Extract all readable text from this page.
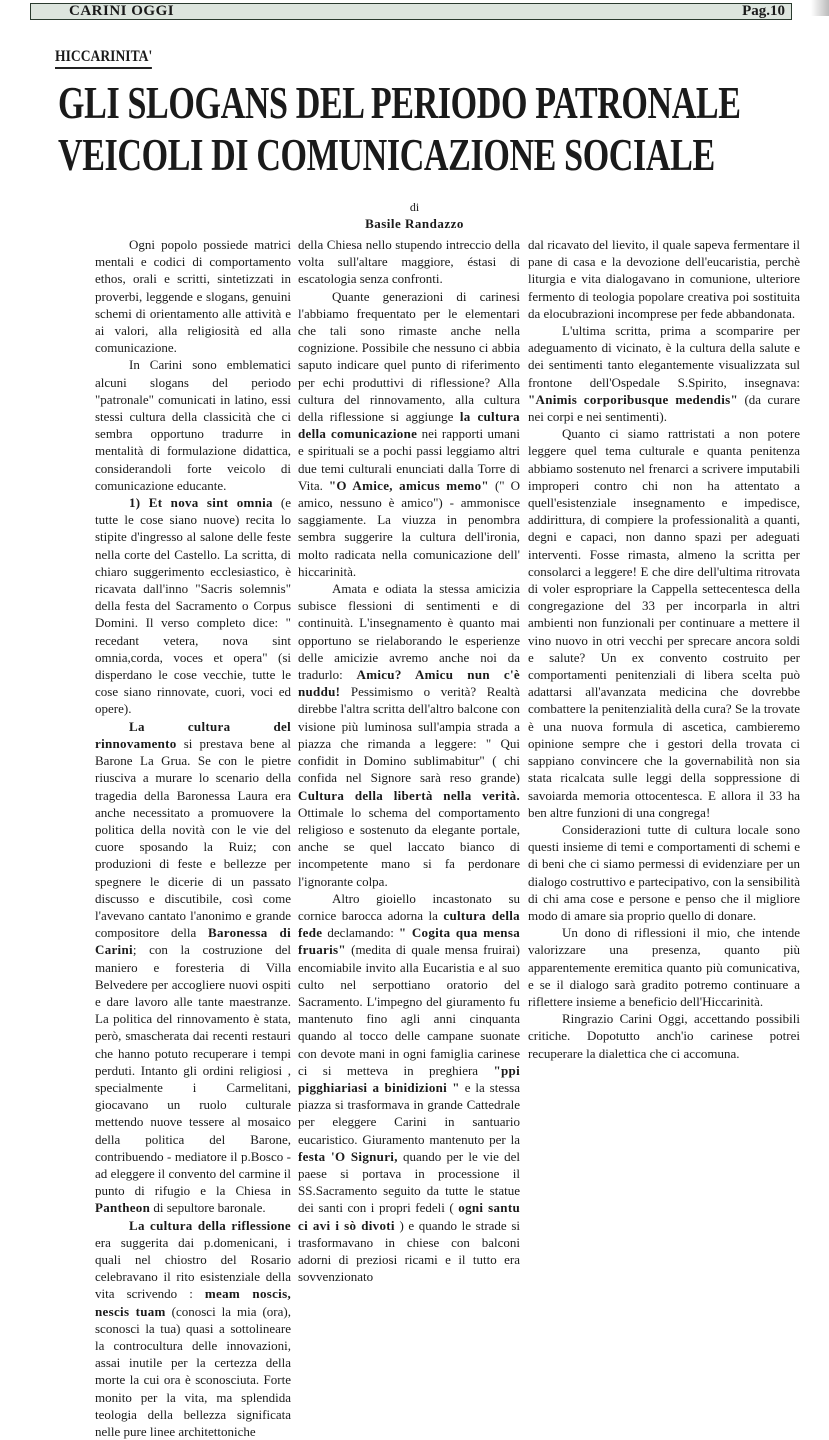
CARINI OGGI	Pag.10
HICCARINITA'
GLI SLOGANS DEL PERIODO PATRONALE
VEICOLI DI COMUNICAZIONE SOCIALE
di
Basile Randazzo

Ogni popolo possiede matrici mentali e codici di comportamento ethos, orali e scritti, sintetizzati in proverbi, leggende e slogans, genuini schemi di orientamento alle attività e ai valori, alla religiosità ed alla comunicazione.

In Carini sono emblematici alcuni slogans del periodo "patronale" comunicati in latino, essi stessi cultura della classicità che ci sembra opportuno tradurre in mentalità di formulazione didattica, considerandoli forte veicolo di comunicazione educante.

1) Et nova sint omnia (e tutte le cose siano nuove) recita lo stipite d'ingresso al salone delle feste nella corte del Castello. La scritta, di chiaro suggerimento ecclesiastico, è ricavata dall'inno "Sacris solemnis" della festa del Sacramento o Corpus Domini. Il verso completo dice: " recedant vetera, nova sint omnia,corda, voces et opera" (si disperdano le cose vecchie, tutte le cose siano rinnovate, cuori, voci ed opere).

La cultura del rinnovamento si prestava bene al Barone La Grua. Se con le pietre riusciva a murare lo scenario della tragedia della Baronessa Laura era anche necessitato a promuovere la politica della novità con le vie del cuore sposando la Ruiz; con produzioni di feste e bellezze per spegnere le dicerie di un passato discusso e discutibile, così come l'avevano cantato l'anonimo e grande compositore della Baronessa di Carini; con la costruzione del maniero e foresteria di Villa Belvedere per accogliere nuovi ospiti e dare lavoro alle tante maestranze. La politica del rinnovamento è stata, però, smascherata dai recenti restauri che hanno potuto recuperare i tempi perduti. Intanto gli ordini religiosi , specialmente i Carmelitani, giocavano un ruolo culturale mettendo nuove tessere al mosaico della politica del Barone, contribuendo - mediatore il p.Bosco - ad eleggere il convento del carmine il punto di rifugio e la Chiesa in Pantheon di sepultore baronale.

La cultura della riflessione era suggerita dai p.domenicani, i quali nel chiostro del Rosario celebravano il rito esistenziale della vita scrivendo : meam noscis, nescis tuam (conosci la mia (ora), sconosci la tua) quasi a sottolineare la controcultura delle innovazioni, assai inutile per la certezza della morte la cui ora è sconosciuta. Forte monito per la vita, ma splendida teologia della bellezza significata nelle pure linee architettoniche

della Chiesa nello stupendo intreccio della volta sull'altare maggiore, éstasi di escatologia senza confronti.

Quante generazioni di carinesi l'abbiamo frequentato per le elementari che tali sono rimaste anche nella cognizione. Possibile che nessuno ci abbia saputo indicare quel punto di riferimento per echi produttivi di riflessione? Alla cultura del rinnovamento, alla cultura della riflessione si aggiunge la cultura della comunicazione nei rapporti umani e spirituali se a pochi passi leggiamo altri due temi culturali enunciati dalla Torre di Vita. "O Amice, amicus memo" (" O amico, nessuno è amico") - ammonisce saggiamente. La viuzza in penombra sembra suggerire la cultura dell'ironia, molto radicata nella comunicazione dell' hiccarinità.

Amata e odiata la stessa amicizia subisce flessioni di sentimenti e di continuità. L'insegnamento è quanto mai opportuno se rielaborando le esperienze delle amicizie avremo anche noi da tradurlo: Amicu? Amicu nun c'è nuddu! Pessimismo o verità? Realtà direbbe l'altra scritta dell'altro balcone con visione più luminosa sull'ampia strada a piazza che rimanda a leggere: " Qui confidit in Domino sublimabitur" ( chi confida nel Signore sarà reso grande) Cultura della libertà nella verità. Ottimale lo schema del comportamento religioso e sostenuto da elegante portale, anche se quel laccato bianco di incompetente mano si fa perdonare l'ignorante colpa.

Altro gioiello incastonato su cornice barocca adorna la cultura della fede declamando: " Cogita qua mensa fruaris" (medita di quale mensa fruirai) encomiabile invito alla Eucaristia e al suo culto nel serpottiano oratorio del Sacramento. L'impegno del giuramento fu mantenuto fino agli anni cinquanta quando al tocco delle campane suonate con devote mani in ogni famiglia carinese ci si metteva in preghiera "ppi pigghiariasi a binidizioni " e la stessa piazza si trasformava in grande Cattedrale per eleggere Carini in santuario eucaristico. Giuramento mantenuto per la festa 'O Signuri, quando per le vie del paese si portava in processione il SS.Sacramento seguito da tutte le statue dei santi con i propri fedeli ( ogni santu ci avi i sò divoti ) e quando le strade si trasformavano in chiese con balconi adorni di preziosi ricami e il tutto era sovvenzionato

dal ricavato del lievito, il quale sapeva fermentare il pane di casa e la devozione dell'eucaristia, perchè liturgia e vita dialogavano in comunione, ulteriore fermento di teologia popolare creativa poi sostituita da elocubrazioni incomprese per fede abbandonata.

L'ultima scritta, prima a scomparire per adeguamento di vicinato, è la cultura della salute e dei sentimenti tanto elegantemente visualizzata sul frontone dell'Ospedale S.Spirito, insegnava: "Animis corporibusque medendis" (da curare nei corpi e nei sentimenti).

Quanto ci siamo rattristati a non potere leggere quel tema culturale e quanta penitenza abbiamo sostenuto nel frenarci a scrivere imputabili improperi contro chi non ha attentato a quell'esistenziale insegnamento e impedisce, addirittura, di compiere la professionalità a quanti, degni e capaci, non danno spazi per adeguati interventi. Fosse rimasta, almeno la scritta per consolarci a leggere! E che dire dell'ultima ritrovata di voler espropriare la Cappella settecentesca della congregazione del 33 per incorparla in altri ambienti non funzionali per continuare a mettere il vino nuovo in otri vecchi per sprecare ancora soldi e salute? Un ex convento costruito per comportamenti penitenziali di libera scelta può adattarsi all'avanzata medicina che dovrebbe combattere la penitenzialità della cura? Se la trovate è una nuova formula di ascetica, cambieremo opinione sempre che i gestori della trovata ci sappiano convincere che la governabilità non sia stata ricalcata sulle leggi della soppressione di savoiarda memoria ottocentesca. E allora il 33 ha ben altre funzioni di una congrega!

Considerazioni tutte di cultura locale sono questi insieme di temi e comportamenti di schemi e di beni che ci siamo permessi di evidenziare per un dialogo costruttivo e partecipativo, con la sensibilità di chi ama cose e persone e penso che il migliore modo di amare sia proprio quello di donare.

Un dono di riflessioni il mio, che intende valorizzare una presenza, quanto più apparentemente eremitica quanto più comunicativa, e se il dialogo sarà gradito potremo continuare a riflettere insieme a beneficio dell'Hiccarinità.

Ringrazio Carini Oggi, accettando possibili critiche. Dopotutto anch'io carinese potrei recuperare la dialettica che ci accomuna.
